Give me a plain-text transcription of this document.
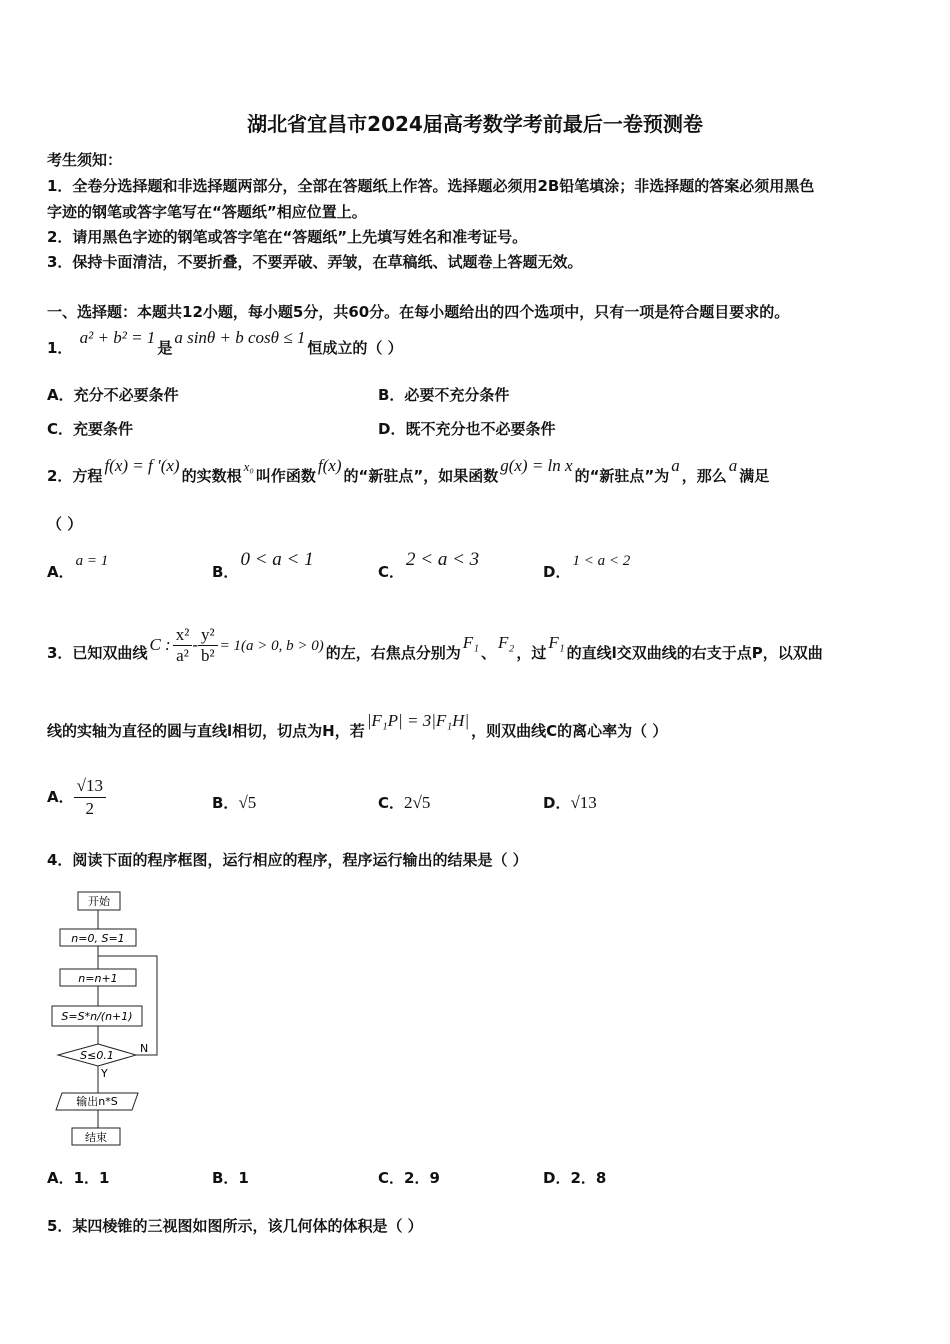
湖北省宜昌市2024届高考数学考前最后一卷预测卷
考生须知：
1．全卷分选择题和非选择题两部分，全部在答题纸上作答。选择题必须用2B铅笔填涂；非选择题的答案必须用黑色
字迹的钢笔或答字笔写在“答题纸”相应位置上。
2．请用黑色字迹的钢笔或答字笔在“答题纸”上先填写姓名和准考证号。
3．保持卡面清洁，不要折叠，不要弄破、弄皱，在草稿纸、试题卷上答题无效。
一、选择题：本题共12小题，每小题5分，共60分。在每小题给出的四个选项中，只有一项是符合题目要求的。
1． a² + b² = 1是a sinθ + b cosθ ≤ 1恒成立的（ ）
A．充分不必要条件	B．必要不充分条件
C．充要条件	D．既不充分也不必要条件
2．方程f(x) = f ′(x)的实数根x₀叫作函数f(x)的“新驻点”，如果函数g(x) = ln x的“新驻点”为a，那么a满足
（ ）
A．a = 1
B．0 < a < 1
C．2 < a < 3
D．1 < a < 2
3．已知双曲线 C : $\frac{\text{x²}}{\text{a²}} - \frac{\text{y²}}{\text{b²}} = 1(a > 0$, b > 0) 的左，右焦点分别为F₁、F₂，过F₁的直线l交双曲线的右支于点P，以双曲
线的实轴为直径的圆与直线l相切，切点为H，若|F₁P| = 3|F₁H|，则双曲线C的离心率为（ ）
A． $\frac{√13}{2}$	B．√5	C．2√5	D．√13
4．阅读下面的程序框图，运行相应的程序，程序运行输出的结果是（ ）
开始
n=0, S=1
n=n+1
S=S*n/(n+1)
S≤0.1
N
Y
输出n*S
结束
A．1．1	B．1	C．2．9	D．2．8
5．某四棱锥的三视图如图所示，该几何体的体积是（ ）
